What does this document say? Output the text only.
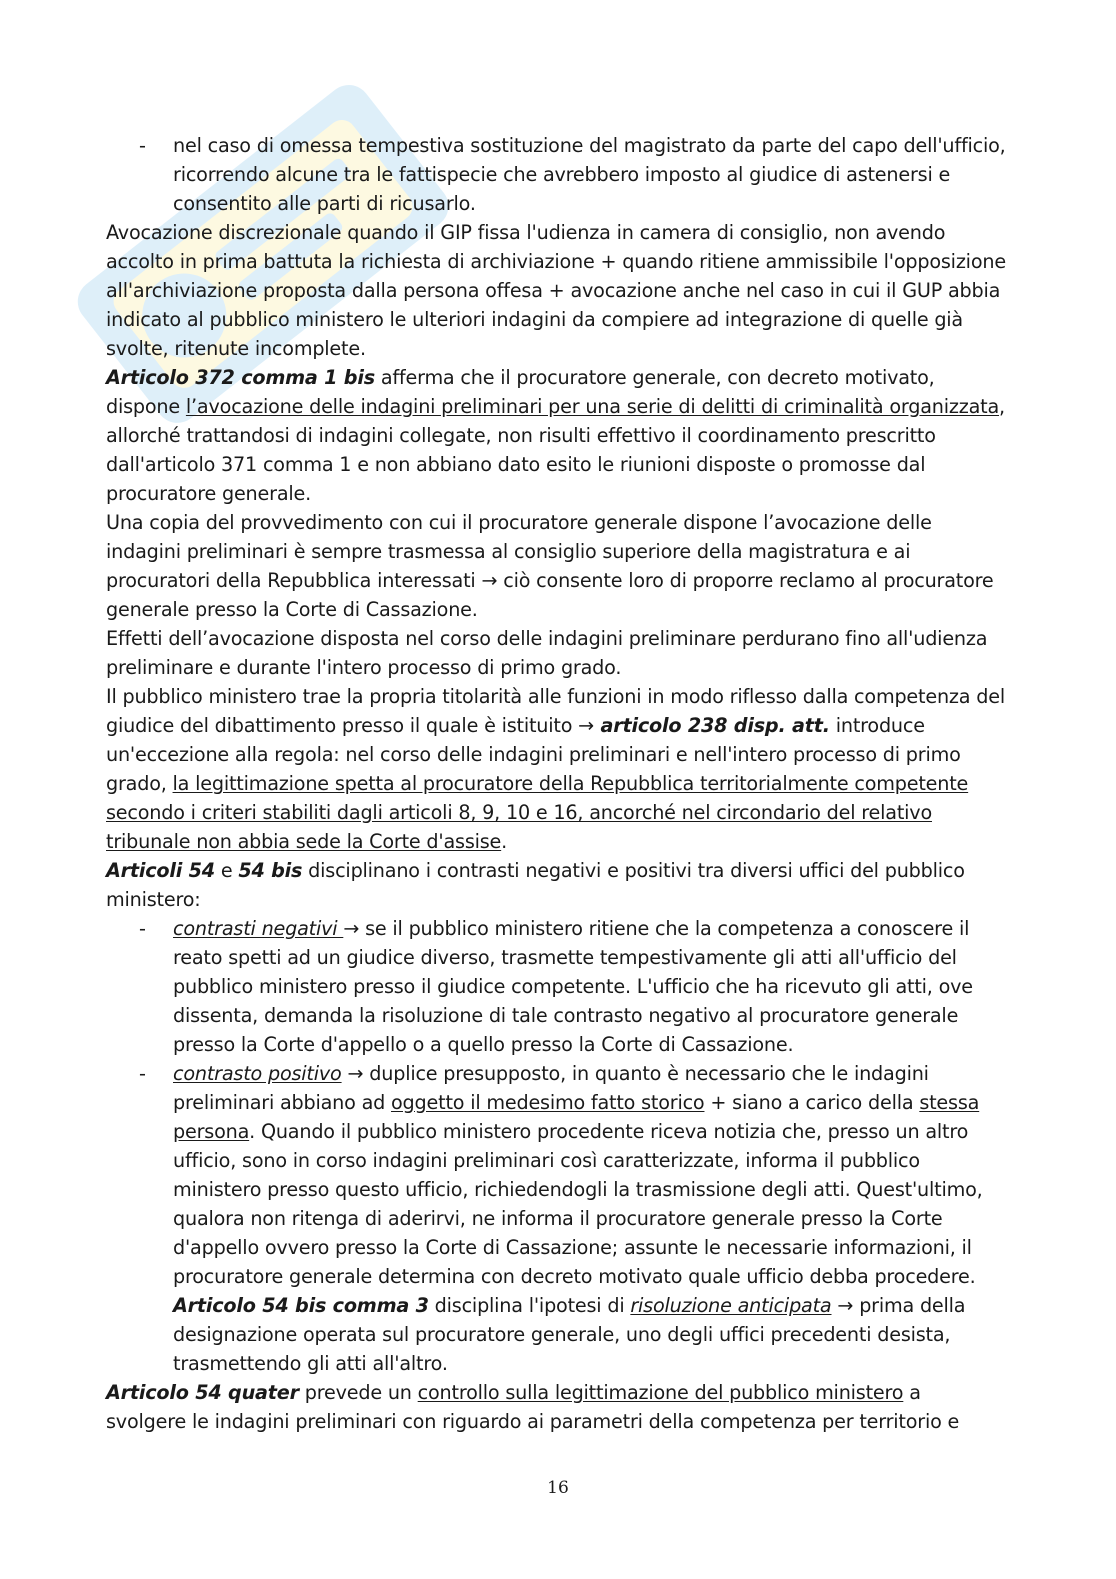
- nel caso di omessa tempestiva sostituzione del magistrato da parte del capo dell'ufficio, ricorrendo alcune tra le fattispecie che avrebbero imposto al giudice di astenersi e consentito alle parti di ricusarlo.

Avocazione discrezionale quando il GIP fissa l'udienza in camera di consiglio, non avendo accolto in prima battuta la richiesta di archiviazione + quando ritiene ammissibile l'opposizione all'archiviazione proposta dalla persona offesa + avocazione anche nel caso in cui il GUP abbia indicato al pubblico ministero le ulteriori indagini da compiere ad integrazione di quelle già svolte, ritenute incomplete.

Articolo 372 comma 1 bis afferma che il procuratore generale, con decreto motivato, dispone l’avocazione delle indagini preliminari per una serie di delitti di criminalità organizzata, allorché trattandosi di indagini collegate, non risulti effettivo il coordinamento prescritto dall'articolo 371 comma 1 e non abbiano dato esito le riunioni disposte o promosse dal procuratore generale.

Una copia del provvedimento con cui il procuratore generale dispone l’avocazione delle indagini preliminari è sempre trasmessa al consiglio superiore della magistratura e ai procuratori della Repubblica interessati → ciò consente loro di proporre reclamo al procuratore generale presso la Corte di Cassazione.

Effetti dell’avocazione disposta nel corso delle indagini preliminare perdurano fino all'udienza preliminare e durante l'intero processo di primo grado.

Il pubblico ministero trae la propria titolarità alle funzioni in modo riflesso dalla competenza del giudice del dibattimento presso il quale è istituito → articolo 238 disp. att. introduce un'eccezione alla regola: nel corso delle indagini preliminari e nell'intero processo di primo grado, la legittimazione spetta al procuratore della Repubblica territorialmente competente secondo i criteri stabiliti dagli articoli 8, 9, 10 e 16, ancorché nel circondario del relativo tribunale non abbia sede la Corte d'assise.

Articoli 54 e 54 bis disciplinano i contrasti negativi e positivi tra diversi uffici del pubblico ministero:

- contrasti negativi → se il pubblico ministero ritiene che la competenza a conoscere il reato spetti ad un giudice diverso, trasmette tempestivamente gli atti all'ufficio del pubblico ministero presso il giudice competente. L'ufficio che ha ricevuto gli atti, ove dissenta, demanda la risoluzione di tale contrasto negativo al procuratore generale presso la Corte d'appello o a quello presso la Corte di Cassazione.

- contrasto positivo → duplice presupposto, in quanto è necessario che le indagini preliminari abbiano ad oggetto il medesimo fatto storico + siano a carico della stessa persona. Quando il pubblico ministero procedente riceva notizia che, presso un altro ufficio, sono in corso indagini preliminari così caratterizzate, informa il pubblico ministero presso questo ufficio, richiedendogli la trasmissione degli atti. Quest'ultimo, qualora non ritenga di aderirvi, ne informa il procuratore generale presso la Corte d'appello ovvero presso la Corte di Cassazione; assunte le necessarie informazioni, il procuratore generale determina con decreto motivato quale ufficio debba procedere.

Articolo 54 bis comma 3 disciplina l'ipotesi di risoluzione anticipata → prima della designazione operata sul procuratore generale, uno degli uffici precedenti desista, trasmettendo gli atti all'altro.

Articolo 54 quater prevede un controllo sulla legittimazione del pubblico ministero a svolgere le indagini preliminari con riguardo ai parametri della competenza per territorio e

16
